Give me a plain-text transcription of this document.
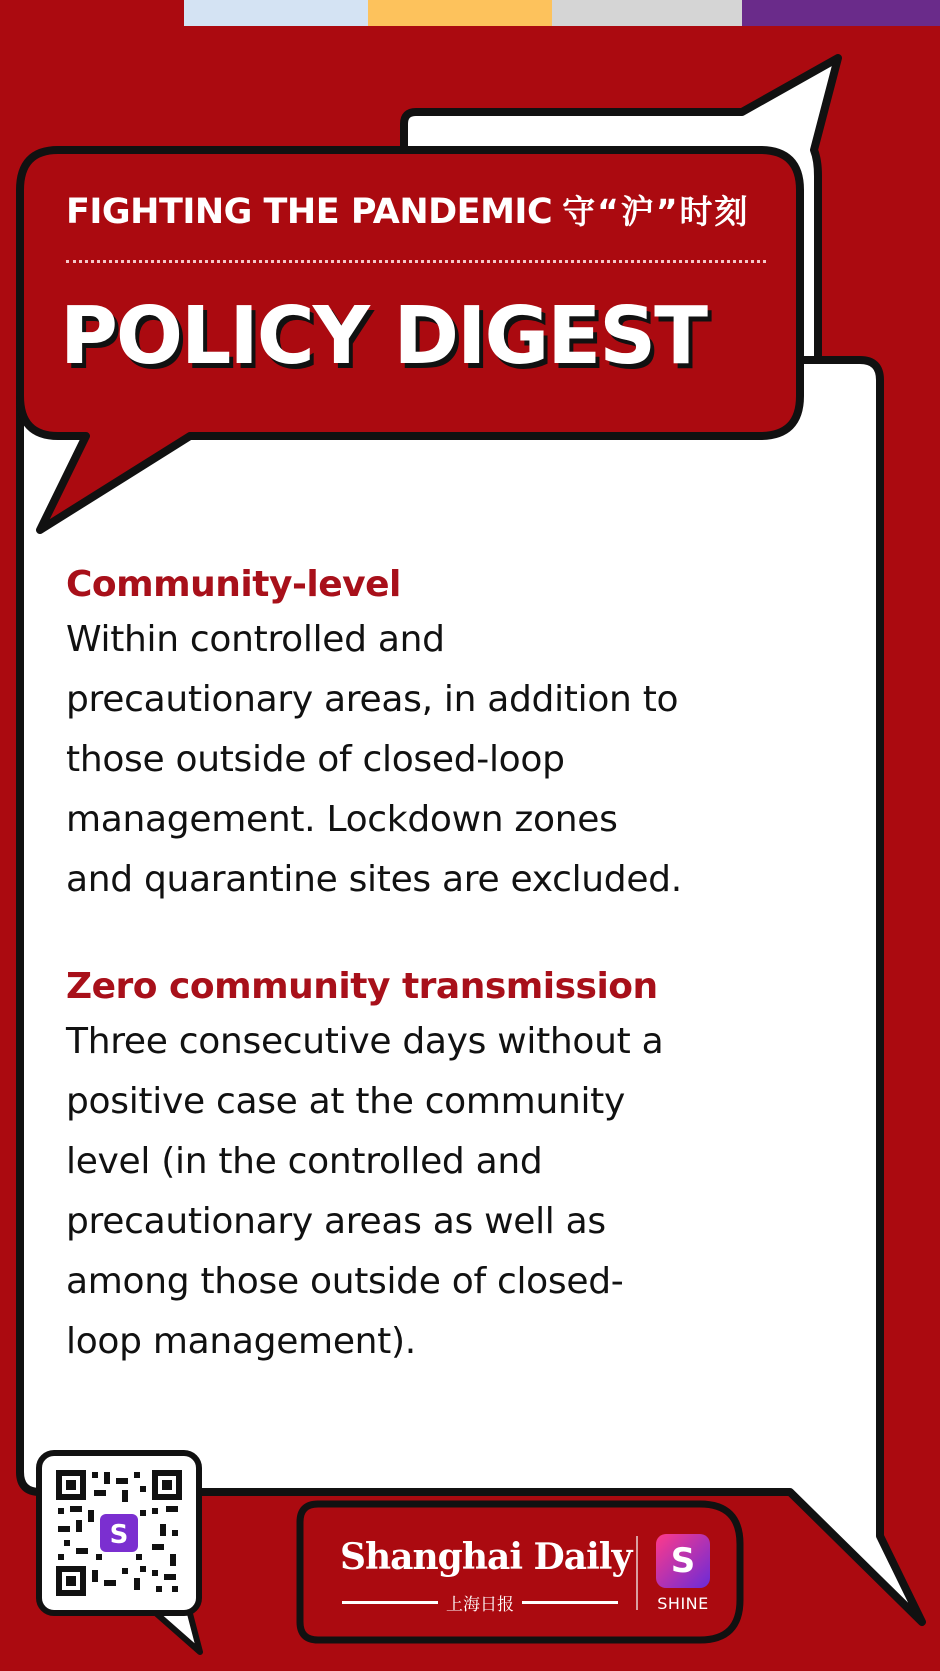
FIGHTING THE PANDEMIC 守“沪”时刻
POLICY DIGEST
Community-level
Within controlled and
precautionary areas, in addition to
those outside of closed-loop
management. Lockdown zones
and quarantine sites are excluded.
Zero community transmission
Three consecutive days without a
positive case at the community
level (in the controlled and
precautionary areas as well as
among those outside of closed-
loop management).
S
Shanghai Daily
上海日报
S
SHINE
